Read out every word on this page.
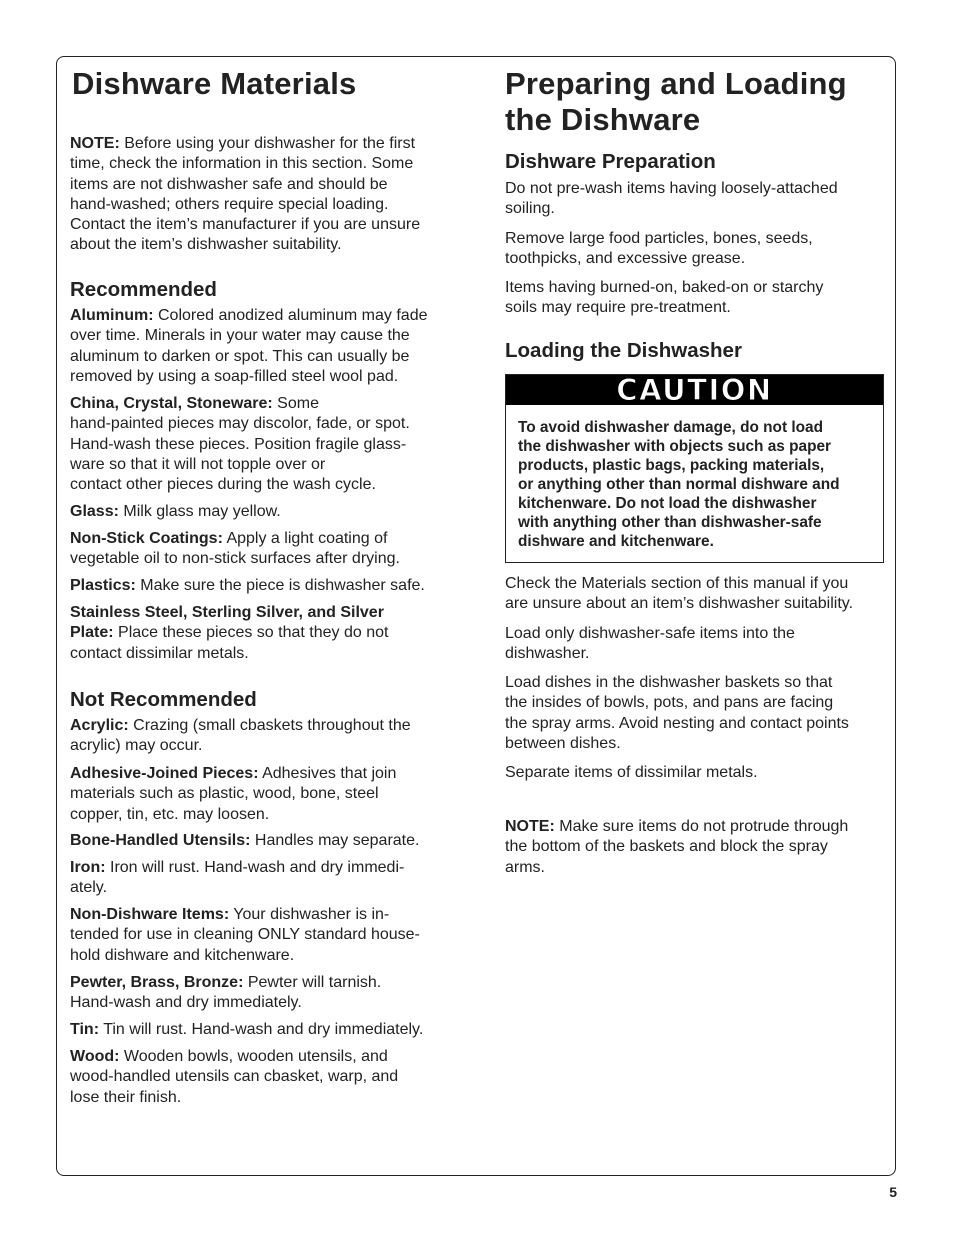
Dishware Materials

NOTE: Before using your dishwasher for the first

time, check the information in this section. Some

items are not dishwasher safe and should be

hand-washed; others require special loading.

Contact the item’s manufacturer if you are unsure

about the item’s dishwasher suitability.

Recommended

Aluminum: Colored anodized aluminum may fade

over time. Minerals in your water may cause the

aluminum to darken or spot. This can usually be

removed by using a soap-filled steel wool pad.

China, Crystal, Stoneware: Some

hand-painted pieces may discolor, fade, or spot.

Hand-wash these pieces. Position fragile glass-

ware so that it will not topple over or

contact other pieces during the wash cycle.

Glass: Milk glass may yellow.

Non-Stick Coatings: Apply a light coating of

vegetable oil to non-stick surfaces after drying.

Plastics: Make sure the piece is dishwasher safe.

Stainless Steel, Sterling Silver, and Silver

Plate: Place these pieces so that they do not

contact dissimilar metals.

Not Recommended

Acrylic: Crazing (small cbaskets throughout the

acrylic) may occur.

Adhesive-Joined Pieces: Adhesives that join

materials such as plastic, wood, bone, steel

copper, tin, etc. may loosen.

Bone-Handled Utensils: Handles may separate.

Iron: Iron will rust. Hand-wash and dry immedi-

ately.

Non-Dishware Items: Your dishwasher is in-

tended for use in cleaning ONLY standard house-

hold dishware and kitchenware.

Pewter, Brass, Bronze: Pewter will tarnish.

Hand-wash and dry immediately.

Tin: Tin will rust. Hand-wash and dry immediately.

Wood: Wooden bowls, wooden utensils, and

wood-handled utensils can cbasket, warp, and

lose their finish.

Preparing and Loading
the Dishware
Dishware Preparation

Do not pre-wash items having loosely-attached

soiling.

Remove large food particles, bones, seeds,

toothpicks, and excessive grease.

Items having burned-on, baked-on or starchy

soils may require pre-treatment.

Loading the Dishwasher
CAUTION
To avoid dishwasher damage, do not load
the dishwasher with objects such as paper
products, plastic bags, packing materials,
or anything other than normal dishware and
kitchenware. Do not load the dishwasher
with anything other than dishwasher-safe
dishware and kitchenware.

Check the Materials section of this manual if you

are unsure about an item’s dishwasher suitability.

Load only dishwasher-safe items into the

dishwasher.

Load dishes in the dishwasher baskets so that

the insides of bowls, pots, and pans are facing

the spray arms. Avoid nesting and contact points

between dishes.

Separate items of dissimilar metals.

NOTE: Make sure items do not protrude through

the bottom of the baskets and block the spray

arms.

5
